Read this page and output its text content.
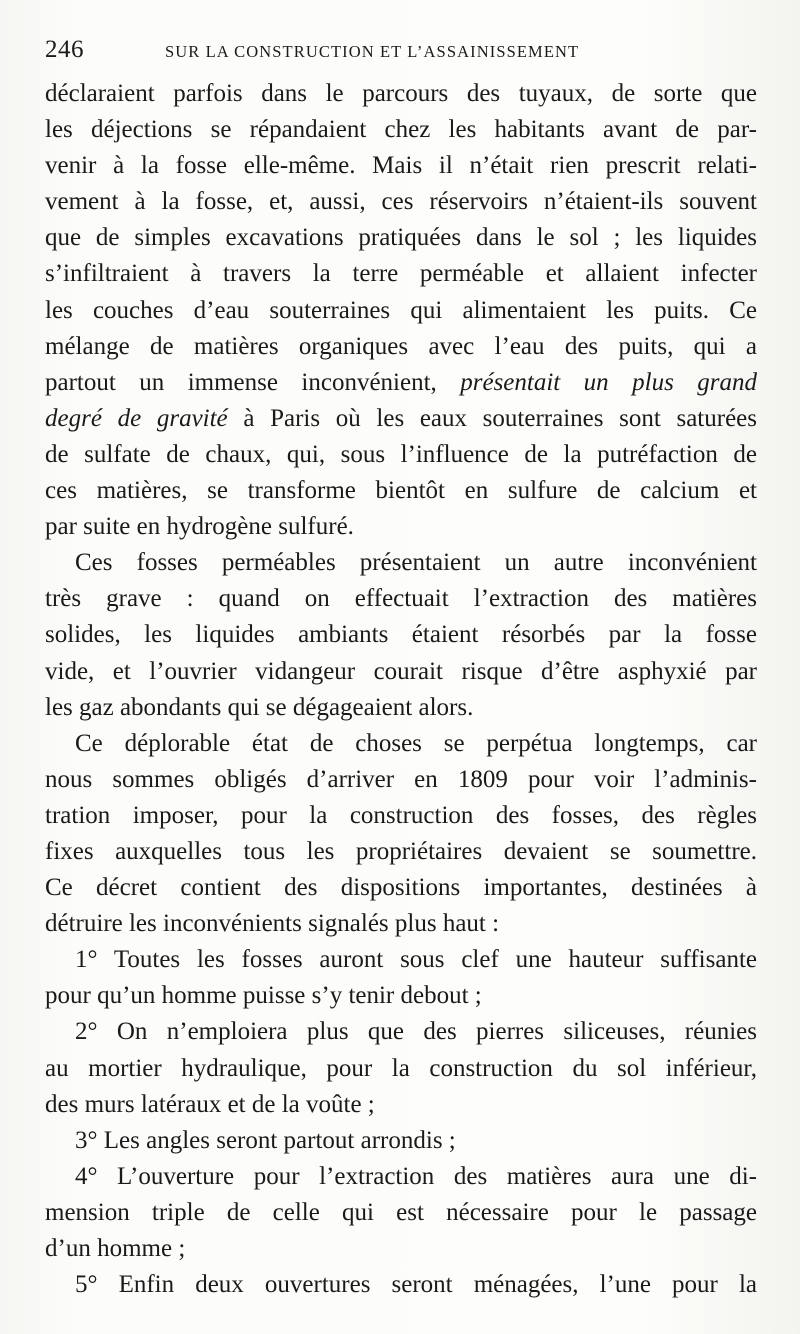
246	SUR LA CONSTRUCTION ET L’ASSAINISSEMENT
déclaraient parfois dans le parcours des tuyaux, de sorte que
les déjections se répandaient chez les habitants avant de par-
venir à la fosse elle-même. Mais il n’était rien prescrit relati-
vement à la fosse, et, aussi, ces réservoirs n’étaient-ils souvent
que de simples excavations pratiquées dans le sol ; les liquides
s’infiltraient à travers la terre perméable et allaient infecter
les couches d’eau souterraines qui alimentaient les puits. Ce
mélange de matières organiques avec l’eau des puits, qui a
partout un immense inconvénient, présentait un plus grand
degré de gravité à Paris où les eaux souterraines sont saturées
de sulfate de chaux, qui, sous l’influence de la putréfaction de
ces matières, se transforme bientôt en sulfure de calcium et
par suite en hydrogène sulfuré.
Ces fosses perméables présentaient un autre inconvénient
très grave : quand on effectuait l’extraction des matières
solides, les liquides ambiants étaient résorbés par la fosse
vide, et l’ouvrier vidangeur courait risque d’être asphyxié par
les gaz abondants qui se dégageaient alors.
Ce déplorable état de choses se perpétua longtemps, car
nous sommes obligés d’arriver en 1809 pour voir l’adminis-
tration imposer, pour la construction des fosses, des règles
fixes auxquelles tous les propriétaires devaient se soumettre.
Ce décret contient des dispositions importantes, destinées à
détruire les inconvénients signalés plus haut :
1° Toutes les fosses auront sous clef une hauteur suffisante
pour qu’un homme puisse s’y tenir debout ;
2° On n’emploiera plus que des pierres siliceuses, réunies
au mortier hydraulique, pour la construction du sol inférieur,
des murs latéraux et de la voûte ;
3° Les angles seront partout arrondis ;
4° L’ouverture pour l’extraction des matières aura une di-
mension triple de celle qui est nécessaire pour le passage
d’un homme ;
5° Enfin deux ouvertures seront ménagées, l’une pour la
